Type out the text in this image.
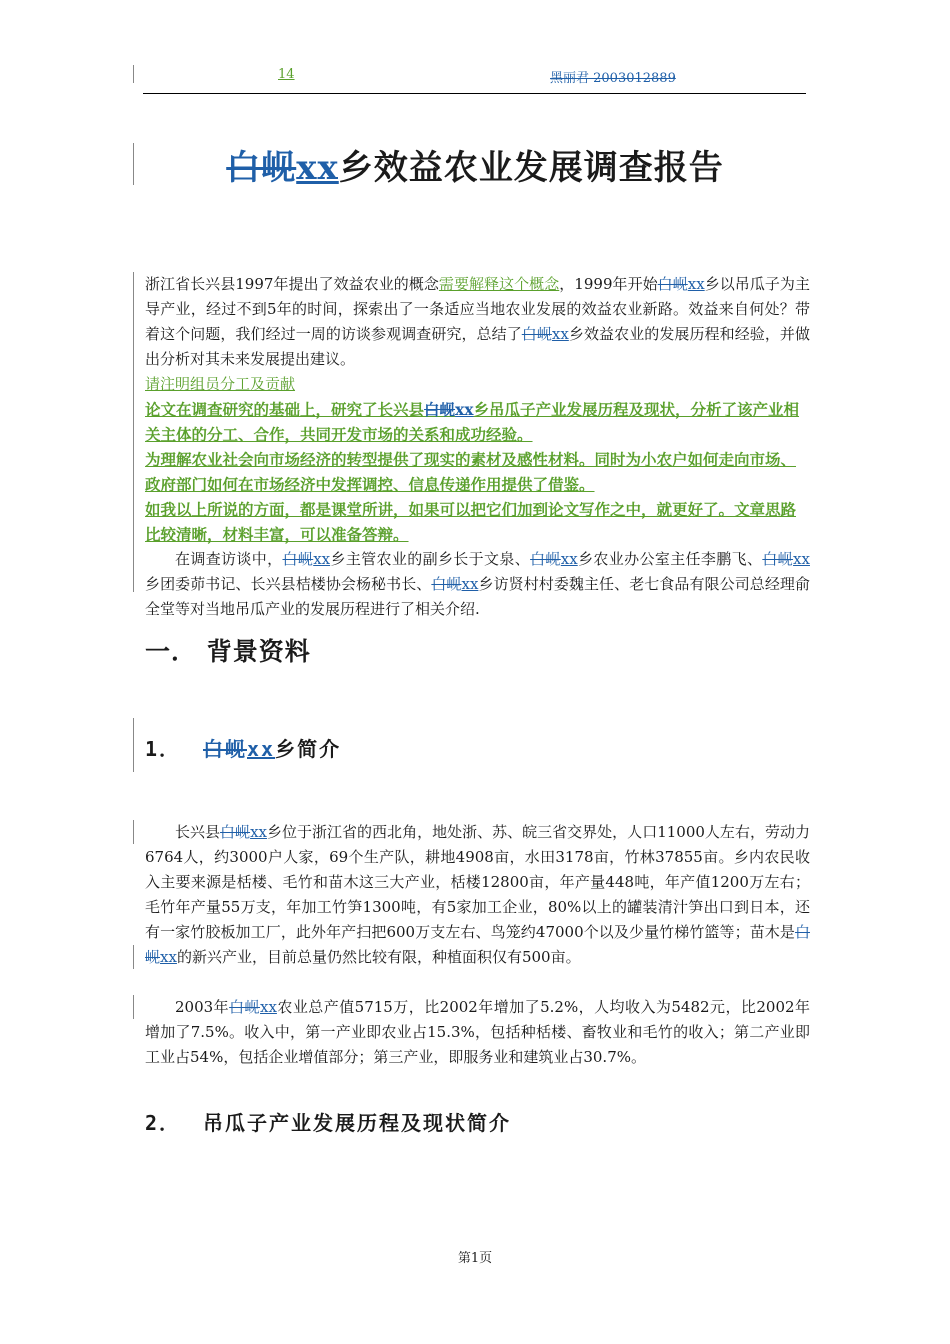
14	黑丽君 2003012889
白岘xx乡效益农业发展调查报告
浙江省长兴县1997年提出了效益农业的概念需要解释这个概念，1999年开始白岘xx乡以吊瓜子为主导产业，经过不到5年的时间，探索出了一条适应当地农业发展的效益农业新路。效益来自何处？带着这个问题，我们经过一周的访谈参观调查研究，总结了白岘xx乡效益农业的发展历程和经验，并做出分析对其未来发展提出建议。
请注明组员分工及贡献
论文在调查研究的基础上，研究了长兴县白岘xx乡吊瓜子产业发展历程及现状，分析了该产业相关主体的分工、合作，共同开发市场的关系和成功经验。
为理解农业社会向市场经济的转型提供了现实的素材及感性材料。同时为小农户如何走向市场、政府部门如何在市场经济中发挥调控、信息传递作用提供了借鉴。
如我以上所说的方面，都是课堂所讲，如果可以把它们加到论文写作之中，就更好了。文章思路比较清晰，材料丰富，可以准备答辩。
在调查访谈中，白岘xx乡主管农业的副乡长于文泉、白岘xx乡农业办公室主任李鹏飞、白岘xx乡团委茆书记、长兴县桔楼协会杨秘书长、白岘xx乡访贤村村委魏主任、老七食品有限公司总经理俞全堂等对当地吊瓜产业的发展历程进行了相关介绍.
一． 背景资料
1． 白岘xx乡简介
长兴县白岘xx乡位于浙江省的西北角，地处浙、苏、皖三省交界处，人口11000人左右，劳动力6764人，约3000户人家，69个生产队，耕地4908亩，水田3178亩，竹林37855亩。乡内农民收入主要来源是栝楼、毛竹和苗木这三大产业，栝楼12800亩，年产量448吨，年产值1200万左右；毛竹年产量55万支，年加工竹笋1300吨，有5家加工企业，80%以上的罐装清汁笋出口到日本，还有一家竹胶板加工厂，此外年产扫把600万支左右、鸟笼约47000个以及少量竹梯竹篮等；苗木是白岘xx的新兴产业，目前总量仍然比较有限，种植面积仅有500亩。
2003年白岘xx农业总产值5715万，比2002年增加了5.2%，人均收入为5482元，比2002年增加了7.5%。收入中，第一产业即农业占15.3%，包括种栝楼、畜牧业和毛竹的收入；第二产业即工业占54%，包括企业增值部分；第三产业，即服务业和建筑业占30.7%。
2． 吊瓜子产业发展历程及现状简介
第1页
